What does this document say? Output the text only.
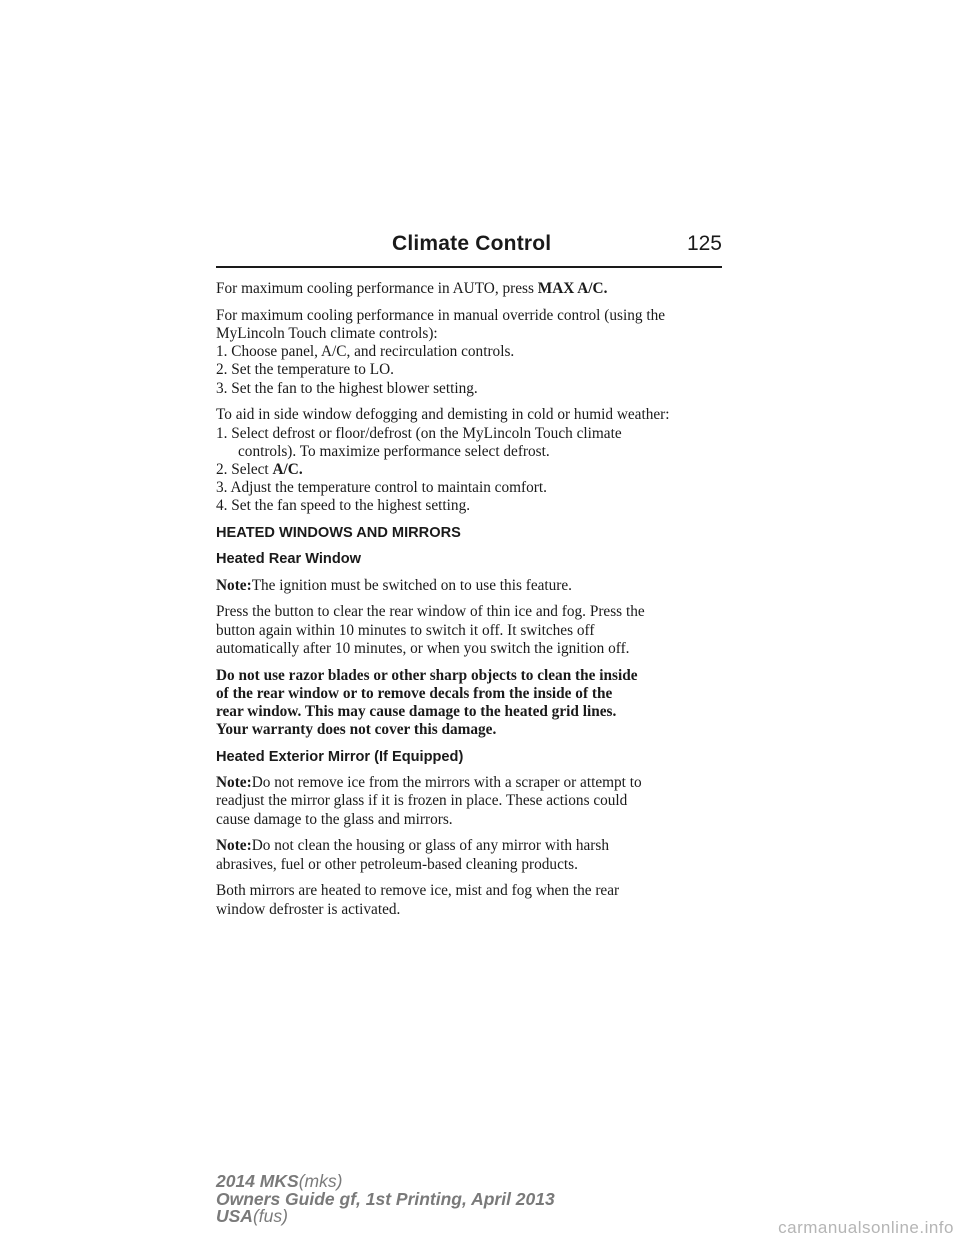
Climate Control	125

For maximum cooling performance in AUTO, press MAX A/C.

For maximum cooling performance in manual override control (using the
MyLincoln Touch climate controls):

1. Choose panel, A/C, and recirculation controls.
2. Set the temperature to LO.
3. Set the fan to the highest blower setting.

To aid in side window defogging and demisting in cold or humid weather:

1. Select defrost or floor/defrost (on the MyLincoln Touch climate
controls). To maximize performance select defrost.
2. Select A/C.
3. Adjust the temperature control to maintain comfort.
4. Set the fan speed to the highest setting.

HEATED WINDOWS AND MIRRORS
Heated Rear Window

Note:The ignition must be switched on to use this feature.

Press the button to clear the rear window of thin ice and fog. Press the
button again within 10 minutes to switch it off. It switches off
automatically after 10 minutes, or when you switch the ignition off.

Do not use razor blades or other sharp objects to clean the inside
of the rear window or to remove decals from the inside of the
rear window. This may cause damage to the heated grid lines.
Your warranty does not cover this damage.

Heated Exterior Mirror (If Equipped)

Note:Do not remove ice from the mirrors with a scraper or attempt to
readjust the mirror glass if it is frozen in place. These actions could
cause damage to the glass and mirrors.

Note:Do not clean the housing or glass of any mirror with harsh
abrasives, fuel or other petroleum-based cleaning products.

Both mirrors are heated to remove ice, mist and fog when the rear
window defroster is activated.

2014 MKS(mks)
Owners Guide gf, 1st Printing, April 2013
USA(fus)
carmanualsonline.info
